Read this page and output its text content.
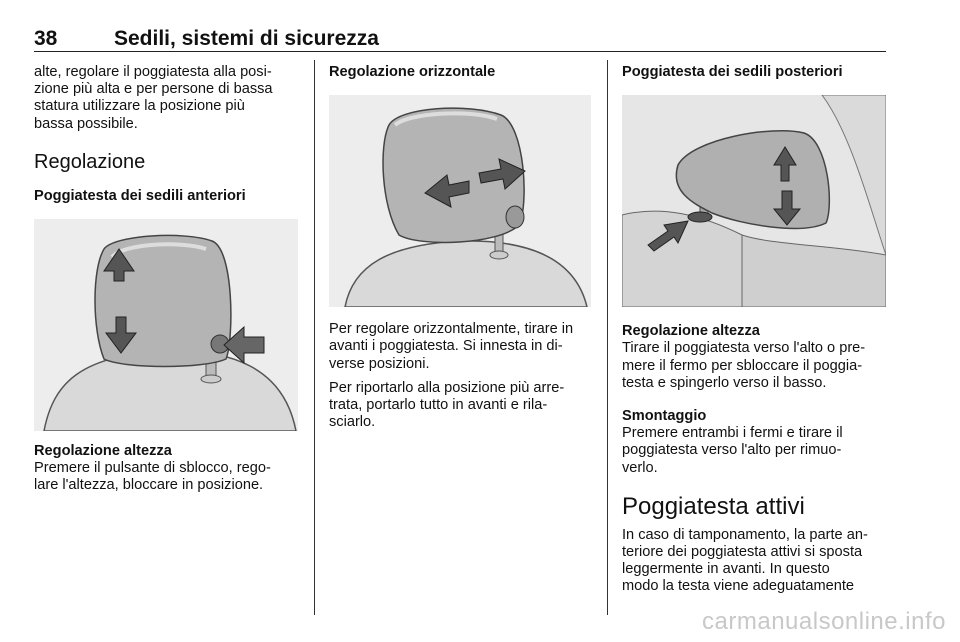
38	Sedili, sistemi di sicurezza

alte, regolare il poggiatesta alla posi-

zione più alta e per persone di bassa

statura utilizzare la posizione più

bassa possibile.

Regolazione

Poggiatesta dei sedili anteriori

Regolazione altezza

Premere il pulsante di sblocco, rego-

lare l'altezza, bloccare in posizione.

Regolazione orizzontale

Per regolare orizzontalmente, tirare in

avanti i poggiatesta. Si innesta in di-

verse posizioni.

Per riportarlo alla posizione più arre-

trata, portarlo tutto in avanti e rila-

sciarlo.

Poggiatesta dei sedili posteriori

Regolazione altezza

Tirare il poggiatesta verso l'alto o pre-

mere il fermo per sbloccare il poggia-

testa e spingerlo verso il basso.

Smontaggio

Premere entrambi i fermi e tirare il

poggiatesta verso l'alto per rimuo-

verlo.

Poggiatesta attivi

In caso di tamponamento, la parte an-

teriore dei poggiatesta attivi si sposta

leggermente in avanti. In questo

modo la testa viene adeguatamente

carmanualsonline.info
